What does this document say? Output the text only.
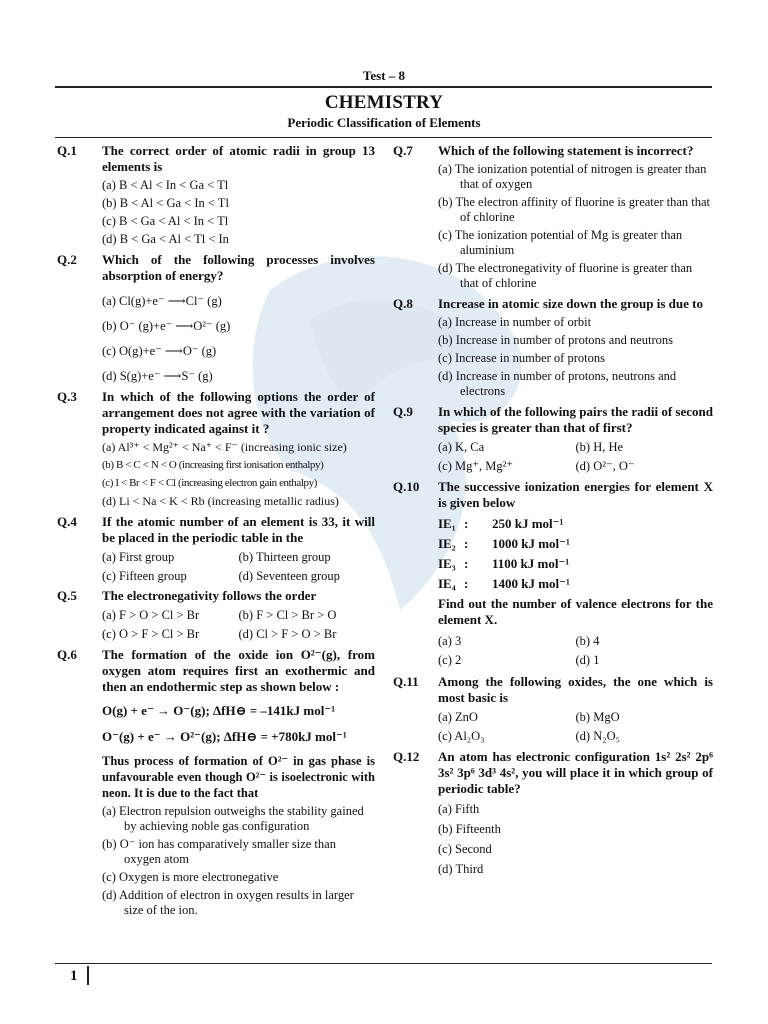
Test – 8
CHEMISTRY
Periodic Classification of Elements
Q.1 The correct order of atomic radii in group 13 elements is
(a) B < Al < In < Ga < Tl
(b) B < Al < Ga < In < Tl
(c) B < Ga < Al < In < Tl
(d) B < Ga < Al < Tl < In
Q.2 Which of the following processes involves absorption of energy?
(a) Cl(g)+e⁻ ⟶Cl⁻ (g)
(b) O⁻ (g)+e⁻ ⟶O²⁻ (g)
(c) O(g)+e⁻ ⟶O⁻ (g)
(d) S(g)+e⁻ ⟶S⁻ (g)
Q.3 In which of the following options the order of arrangement does not agree with the variation of property indicated against it ?
(a) Al³⁺ < Mg²⁺ < Na⁺ < F⁻ (increasing ionic size)
(b) B < C < N < O (increasing first ionisation enthalpy)
(c) I < Br < F < Cl (increasing electron gain enthalpy)
(d) Li < Na < K < Rb (increasing metallic radius)
Q.4 If the atomic number of an element is 33, it will be placed in the periodic table in the
(a) First group	(b) Thirteen group
(c) Fifteen group	(d) Seventeen group
Q.5 The electronegativity follows the order
(a) F > O > Cl > Br	(b) F > Cl > Br > O
(c) O > F > Cl > Br	(d) Cl > F > O > Br
Q.6 The formation of the oxide ion O²⁻(g), from oxygen atom requires first an exothermic and then an endothermic step as shown below :
O(g) + e⁻ → O⁻(g); ΔfH⊖ = –141kJ mol⁻¹
O⁻(g) + e⁻ → O²⁻(g); ΔfH⊖ = +780kJ mol⁻¹
Thus process of formation of O²⁻ in gas phase is unfavourable even though O²⁻ is isoelectronic with neon. It is due to the fact that
(a) Electron repulsion outweighs the stability gained by achieving noble gas configuration
(b) O⁻ ion has comparatively smaller size than oxygen atom
(c) Oxygen is more electronegative
(d) Addition of electron in oxygen results in larger size of the ion.
Q.7 Which of the following statement is incorrect?
(a) The ionization potential of nitrogen is greater than that of oxygen
(b) The electron affinity of fluorine is greater than that of chlorine
(c) The ionization potential of Mg is greater than aluminium
(d) The electronegativity of fluorine is greater than that of chlorine
Q.8 Increase in atomic size down the group is due to
(a) Increase in number of orbit
(b) Increase in number of protons and neutrons
(c) Increase in number of protons
(d) Increase in number of protons, neutrons and electrons
Q.9 In which of the following pairs the radii of second species is greater than that of first?
(a) K, Ca	(b) H, He
(c) Mg⁺, Mg²⁺	(d) O²⁻, O⁻
Q.10 The successive ionization energies for element X is given below
IE₁ : 250 kJ mol⁻¹
IE₂ : 1000 kJ mol⁻¹
IE₃ : 1100 kJ mol⁻¹
IE₄ : 1400 kJ mol⁻¹
Find out the number of valence electrons for the element X.
(a) 3	(b) 4
(c) 2	(d) 1
Q.11 Among the following oxides, the one which is most basic is
(a) ZnO	(b) MgO
(c) Al₂O₃	(d) N₂O₅
Q.12 An atom has electronic configuration 1s² 2s² 2p⁶ 3s² 3p⁶ 3d³ 4s², you will place it in which group of periodic table?
(a) Fifth
(b) Fifteenth
(c) Second
(d) Third
1
